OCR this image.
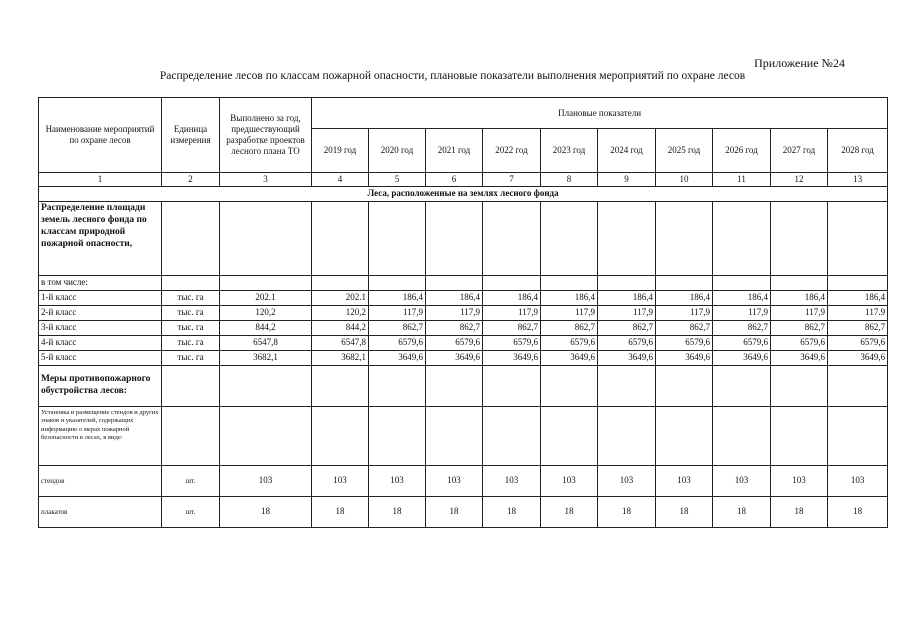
Приложение №24
Распределение лесов по классам пожарной опасности, плановые показатели выполнения мероприятий по охране лесов
Наименование мероприятий по охране лесов	Единица измерения	Выполнено за год, предшествующий разработке проектов лесного плана ТО	Плановые показатели									
			2019 год	2020 год	2021 год	2022 год	2023 год	2024 год	2025 год	2026 год	2027 год	2028 год
1	2	3	4	5	6	7	8	9	10	11	12	13
Леса, расположенные на землях лесного фонда												
Распределение площади земель лесного фонда по классам природной пожарной опасности,												
в том числе:												
1-й класс	тыс. га	202.1	202.1	186,4	186,4	186,4	186,4	186,4	186,4	186,4	186,4	186,4
2-й класс	тыс. га	120,2	120,2	117,9	117,9	117,9	117,9	117,9	117,9	117,9	117,9	117.9
3-й класс	тыс. га	844,2	844,2	862,7	862,7	862,7	862,7	862,7	862,7	862,7	862,7	862,7
4-й класс	тыс. га	6547,8	6547,8	6579,6	6579,6	6579,6	6579,6	6579,6	6579,6	6579,6	6579,6	6579,6
5-й класс	тыс. га	3682,1	3682,1	3649,6	3649,6	3649,6	3649,6	3649,6	3649,6	3649,6	3649,6	3649,6
Меры противопожарного обустройства лесов:												
Установка и размещение стендов и других знаков и указателей, содержащих информацию о мерах пожарной безопасности в лесах, в виде:												
стендов	шт.	103	103	103	103	103	103	103	103	103	103	103
плакатов	шт.	18	18	18	18	18	18	18	18	18	18	18
